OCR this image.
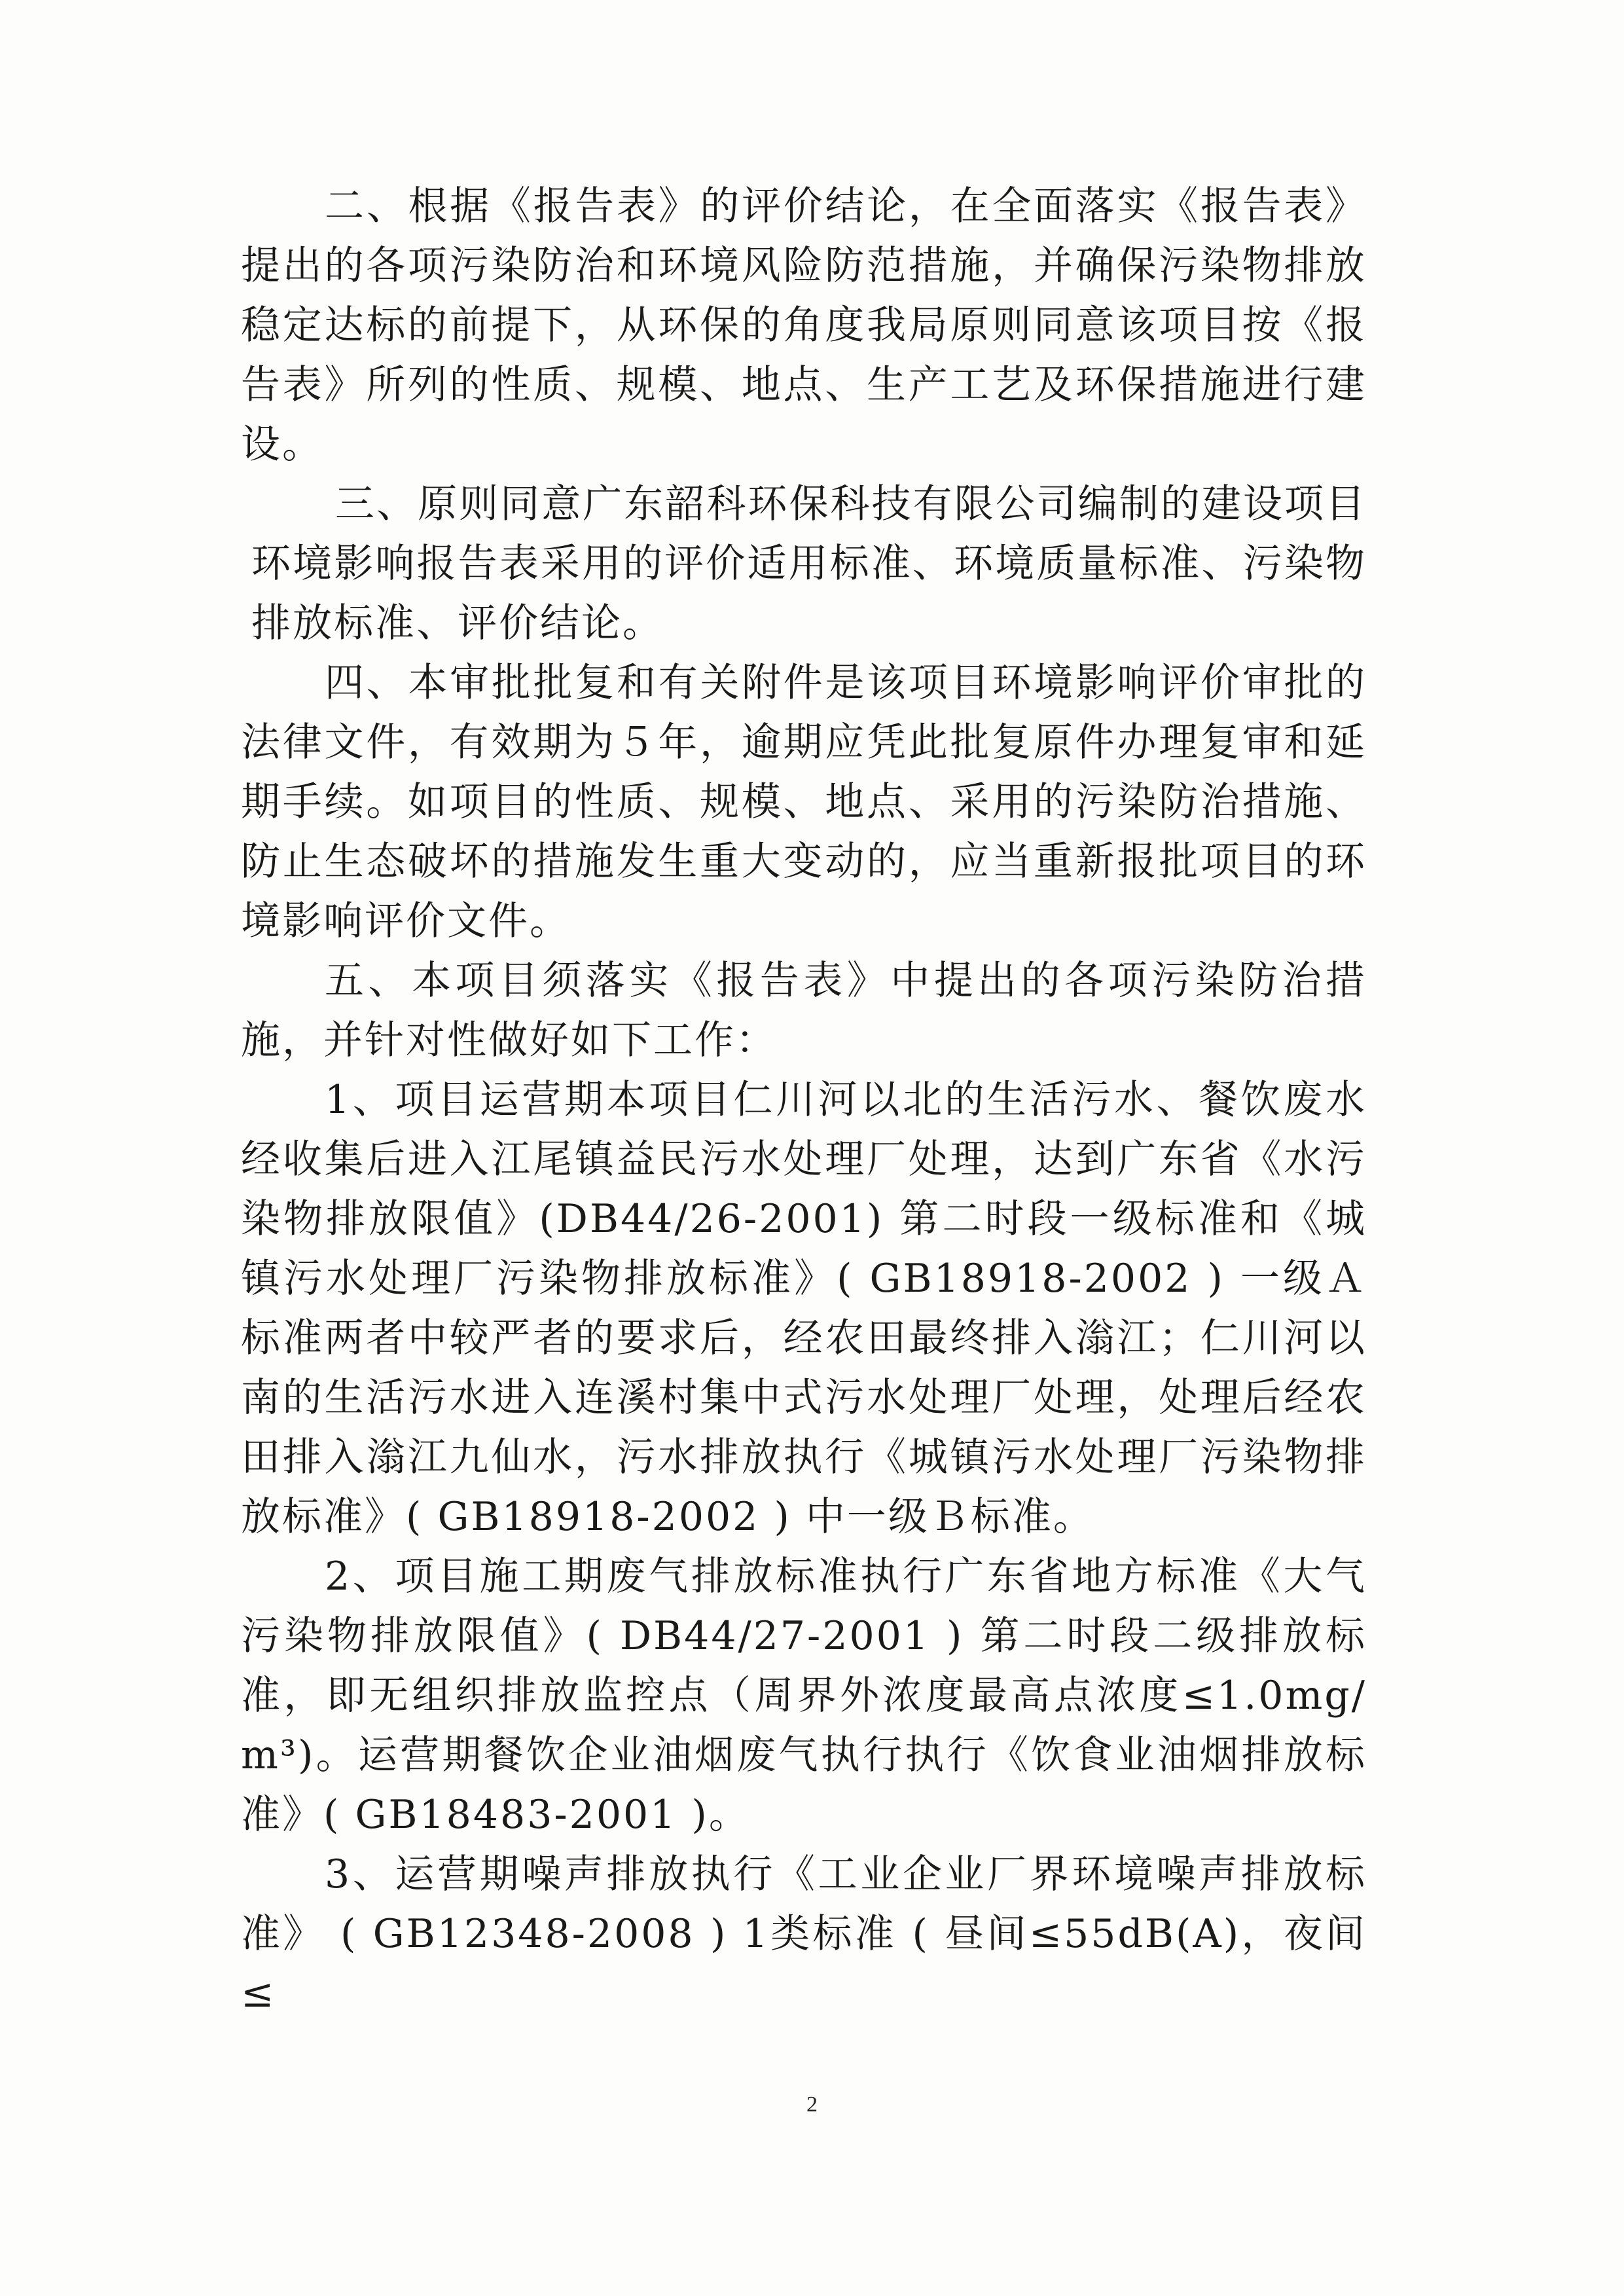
二、根据《报告表》的评价结论，在全面落实《报告表》提出的各项污染防治和环境风险防范措施，并确保污染物排放稳定达标的前提下，从环保的角度我局原则同意该项目按《报告表》所列的性质、规模、地点、生产工艺及环保措施进行建设。

三、原则同意广东韶科环保科技有限公司编制的建设项目环境影响报告表采用的评价适用标准、环境质量标准、污染物排放标准、评价结论。

四、本审批批复和有关附件是该项目环境影响评价审批的法律文件，有效期为５年，逾期应凭此批复原件办理复审和延期手续。如项目的性质、规模、地点、采用的污染防治措施、防止生态破坏的措施发生重大变动的，应当重新报批项目的环境影响评价文件。

五、本项目须落实《报告表》中提出的各项污染防治措施，并针对性做好如下工作：

1、项目运营期本项目仁川河以北的生活污水、餐饮废水经收集后进入江尾镇益民污水处理厂处理，达到广东省《水污染物排放限值》(DB44/26-2001) 第二时段一级标准和《城镇污水处理厂污染物排放标准》( GB18918-2002 ) 一级Ａ标准两者中较严者的要求后，经农田最终排入滃江；仁川河以南的生活污水进入连溪村集中式污水处理厂处理，处理后经农田排入滃江九仙水，污水排放执行《城镇污水处理厂污染物排放标准》( GB18918-2002 ) 中一级Ｂ标准。

2、项目施工期废气排放标准执行广东省地方标准《大气污染物排放限值》( DB44/27-2001 ) 第二时段二级排放标准，即无组织排放监控点（周界外浓度最高点浓度≤1.0mg/m³)。运营期餐饮企业油烟废气执行执行《饮食业油烟排放标准》( GB18483-2001 )。

3、运营期噪声排放执行《工业企业厂界环境噪声排放标准》 ( GB12348-2008 ) 1类标准 ( 昼间≤55dB(A)，夜间≤

2
